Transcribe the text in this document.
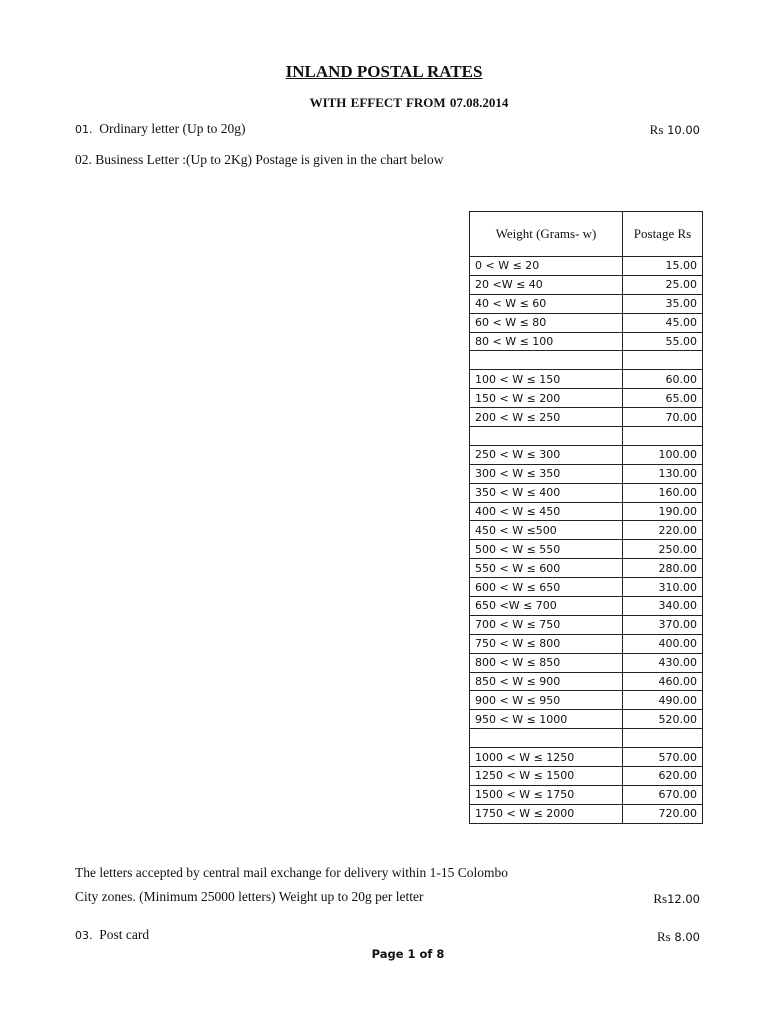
INLAND POSTAL RATES
WITH EFFECT FROM 07.08.2014
01. Ordinary letter (Up to 20g)	Rs 10.00
02. Business Letter :(Up to 2Kg) Postage is given in the chart below
Weight (Grams- w)	Postage Rs
0 < W ≤ 20	15.00
20 <W ≤ 40	25.00
40 < W ≤ 60	35.00
60 < W ≤ 80	45.00
80 < W ≤ 100	55.00

100 < W ≤ 150	60.00
150 < W ≤ 200	65.00
200 < W ≤ 250	70.00

250 < W ≤ 300	100.00
300 < W ≤ 350	130.00
350 < W ≤ 400	160.00
400 < W ≤ 450	190.00
450 < W ≤500	220.00
500 < W ≤ 550	250.00
550 < W ≤ 600	280.00
600 < W ≤ 650	310.00
650 <W ≤ 700	340.00
700 < W ≤ 750	370.00
750 < W ≤ 800	400.00
800 < W ≤ 850	430.00
850 < W ≤ 900	460.00
900 < W ≤ 950	490.00
950 < W ≤ 1000	520.00

1000 < W ≤ 1250	570.00
1250 < W ≤ 1500	620.00
1500 < W ≤ 1750	670.00
1750 < W ≤ 2000	720.00
The letters accepted by central mail exchange for delivery within 1-15 Colombo
City zones. (Minimum 25000 letters) Weight up to 20g per letter	Rs12.00
03. Post card	Rs 8.00
Page 1 of 8
